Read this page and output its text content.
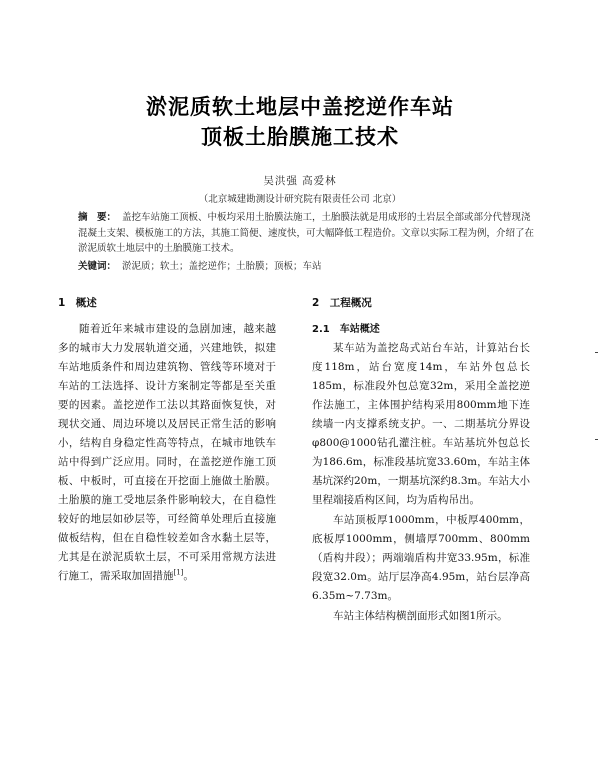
淤泥质软土地层中盖挖逆作车站
顶板土胎膜施工技术
吴洪强 高爱林
（北京城建勘测设计研究院有限责任公司 北京）
摘　要： 盖挖车站施工顶板、中板均采用土胎膜法施工，土胎膜法就是用成形的土岩层全部或部分代替现浇混凝土支架、模板施工的方法，其施工简便、速度快，可大幅降低工程造价。文章以实际工程为例，介绍了在淤泥质软土地层中的土胎膜施工技术。
关键词： 淤泥质；软土；盖挖逆作；土胎膜；顶板；车站
1　概述

随着近年来城市建设的急剧加速，越来越多的城市大力发展轨道交通，兴建地铁，拟建车站地质条件和周边建筑物、管线等环境对于车站的工法选择、设计方案制定等都是至关重要的因素。盖挖逆作工法以其路面恢复快，对现状交通、周边环境以及居民正常生活的影响小，结构自身稳定性高等特点，在城市地铁车站中得到广泛应用。同时，在盖挖逆作施工顶板、中板时，可直接在开挖面上施做土胎膜。土胎膜的施工受地层条件影响较大，在自稳性较好的地层如砂层等，可经简单处理后直接施做板结构，但在自稳性较差如含水黏土层等，尤其是在淤泥质软土层，不可采用常规方法进行施工，需采取加固措施[1]。

2　工程概况
2.1　车站概述

某车站为盖挖岛式站台车站，计算站台长度118m，站台宽度14m，车站外包总长185m，标准段外包总宽32m，采用全盖挖逆作法施工，主体围护结构采用800mm地下连续墙一内支撑系统支护。一、二期基坑分界设φ800@1000钻孔灌注桩。车站基坑外包总长为186.6m，标准段基坑宽33.60m，车站主体基坑深约20m，一期基坑深约8.3m。车站大小里程端接盾构区间，均为盾构吊出。

车站顶板厚1000mm，中板厚400mm，底板厚1000mm，侧墙厚700mm、800mm（盾构井段）；两端端盾构井宽33.95m，标准段宽32.0m。站厅层净高4.95m，站台层净高6.35m~7.73m。

车站主体结构横剖面形式如图1所示。
